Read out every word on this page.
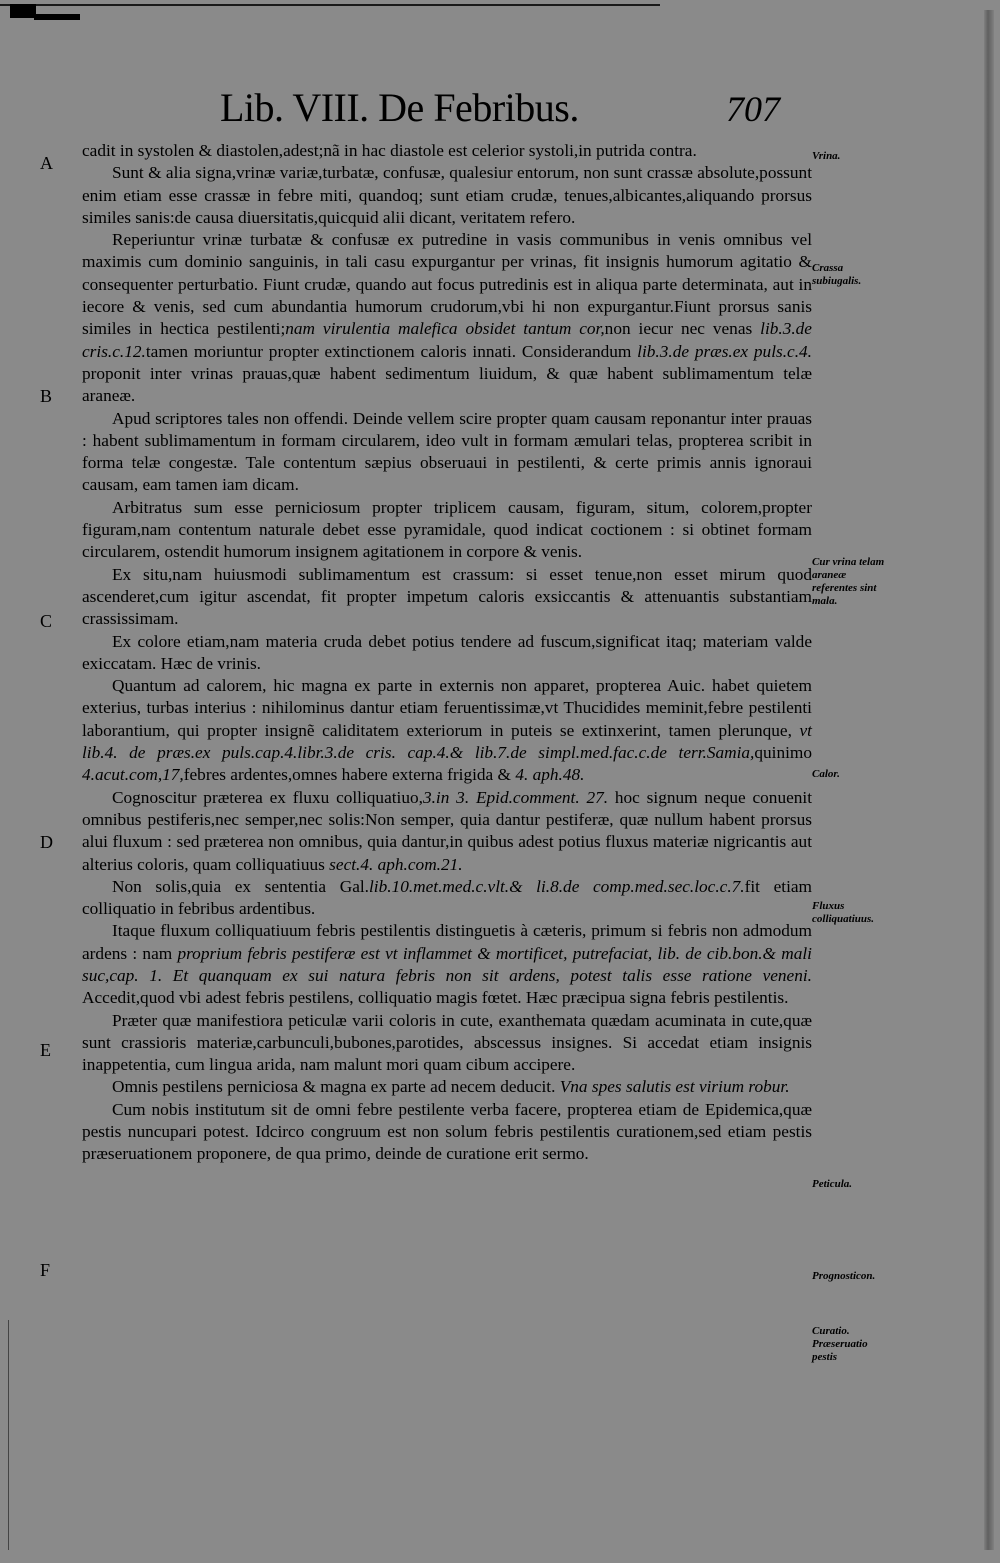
Lib. VIII. De Febribus.	707
A
B
C
D
E
F
Vrina.
Crassa subiugalis.
Cur vrina telam araneæ referentes sint mala.
Calor.
Fluxus colliquatiuus.
Peticula.
Prognosticon.
Curatio. Præseruatio pestis

cadit in systolen & diastolen,adest;nã in hac diastole est celerior systoli,in putrida contra.

Sunt & alia signa,vrinæ variæ,turbatæ, confusæ, qualesiur entorum, non sunt crassæ absolute,possunt enim etiam esse crassæ in febre miti, quandoq; sunt etiam crudæ, tenues,albicantes,aliquando prorsus similes sanis:de causa diuersitatis,quicquid alii dicant, veritatem refero.

Reperiuntur vrinæ turbatæ & confusæ ex putredine in vasis communibus in venis omnibus vel maximis cum dominio sanguinis, in tali casu expurgantur per vrinas, fit insignis humorum agitatio & consequenter perturbatio. Fiunt crudæ, quando aut focus putredinis est in aliqua parte determinata, aut in iecore & venis, sed cum abundantia humorum crudorum,vbi hi non expurgantur.Fiunt prorsus sanis similes in hectica pestilenti;nam virulentia malefica obsidet tantum cor,non iecur nec venas lib.3.de cris.c.12.tamen moriuntur propter extinctionem caloris innati. Considerandum lib.3.de præs.ex puls.c.4. proponit inter vrinas prauas,quæ habent sedimentum liuidum, & quæ habent sublimamentum telæ araneæ.

Apud scriptores tales non offendi. Deinde vellem scire propter quam causam reponantur inter prauas : habent sublimamentum in formam circularem, ideo vult in formam æmulari telas, propterea scribit in forma telæ congestæ. Tale contentum sæpius obseruaui in pestilenti, & certe primis annis ignoraui causam, eam tamen iam dicam.

Arbitratus sum esse perniciosum propter triplicem causam, figuram, situm, colorem,propter figuram,nam contentum naturale debet esse pyramidale, quod indicat coctionem : si obtinet formam circularem, ostendit humorum insignem agitationem in corpore & venis.

Ex situ,nam huiusmodi sublimamentum est crassum: si esset tenue,non esset mirum quod ascenderet,cum igitur ascendat, fit propter impetum caloris exsiccantis & attenuantis substantiam crassissimam.

Ex colore etiam,nam materia cruda debet potius tendere ad fuscum,significat itaq; materiam valde exiccatam. Hæc de vrinis.

Quantum ad calorem, hic magna ex parte in externis non apparet, propterea Auic. habet quietem exterius, turbas interius : nihilominus dantur etiam feruentissimæ,vt Thucidides meminit,febre pestilenti laborantium, qui propter insignẽ caliditatem exteriorum in puteis se extinxerint, tamen plerunque, vt lib.4. de præs.ex puls.cap.4.libr.3.de cris. cap.4.& lib.7.de simpl.med.fac.c.de terr.Samia,quinimo 4.acut.com,17,febres ardentes,omnes habere externa frigida & 4. aph.48.

Cognoscitur præterea ex fluxu colliquatiuo,3.in 3. Epid.comment. 27. hoc signum neque conuenit omnibus pestiferis,nec semper,nec solis:Non semper, quia dantur pestiferæ, quæ nullum habent prorsus alui fluxum : sed præterea non omnibus, quia dantur,in quibus adest potius fluxus materiæ nigricantis aut alterius coloris, quam colliquatiuus sect.4. aph.com.21.

Non solis,quia ex sententia Gal.lib.10.met.med.c.vlt.& li.8.de comp.med.sec.loc.c.7.fit etiam colliquatio in febribus ardentibus.

Itaque fluxum colliquatiuum febris pestilentis distinguetis à cæteris, primum si febris non admodum ardens : nam proprium febris pestiferæ est vt inflammet & mortificet, putrefaciat, lib. de cib.bon.& mali suc,cap. 1. Et quanquam ex sui natura febris non sit ardens, potest talis esse ratione veneni. Accedit,quod vbi adest febris pestilens, colliquatio magis fœtet. Hæc præcipua signa febris pestilentis.

Præter quæ manifestiora peticulæ varii coloris in cute, exanthemata quædam acuminata in cute,quæ sunt crassioris materiæ,carbunculi,bubones,parotides, abscessus insignes. Si accedat etiam insignis inappetentia, cum lingua arida, nam malunt mori quam cibum accipere.

Omnis pestilens perniciosa & magna ex parte ad necem deducit. Vna spes salutis est virium robur.

Cum nobis institutum sit de omni febre pestilente verba facere, propterea etiam de Epidemica,quæ pestis nuncupari potest. Idcirco congruum est non solum febris pestilentis curationem,sed etiam pestis præseruationem proponere, de qua primo, deinde de curatione erit sermo.
